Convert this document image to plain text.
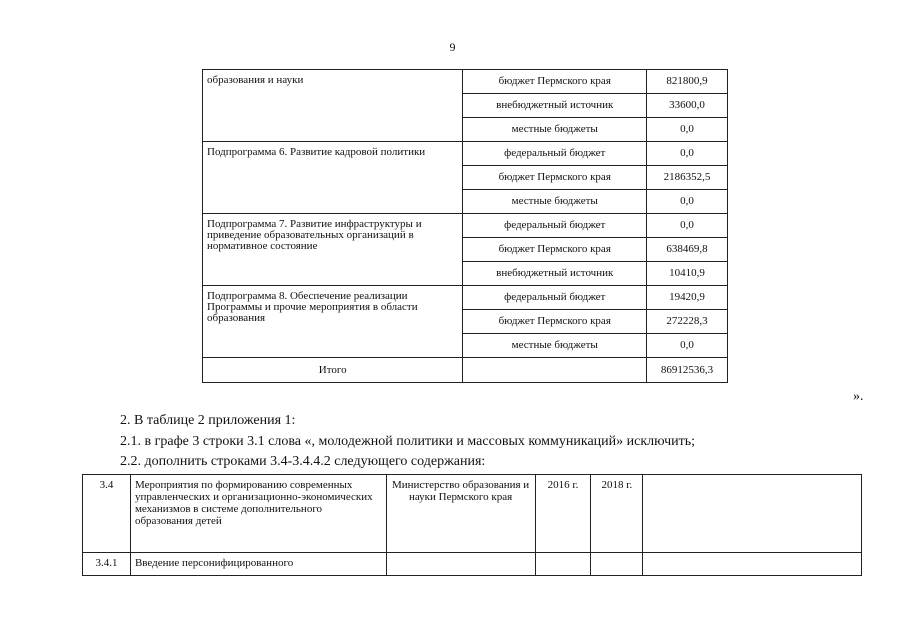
9
образования и науки	бюджет Пермского края	821800,9
	внебюджетный источник	33600,0
	местные бюджеты	0,0
Подпрограмма 6. Развитие кадровой политики	федеральный бюджет	0,0
	бюджет Пермского края	2186352,5
	местные бюджеты	0,0
Подпрограмма 7. Развитие инфраструктуры и приведение образовательных организаций в нормативное состояние	федеральный бюджет	0,0
	бюджет Пермского края	638469,8
	внебюджетный источник	10410,9
Подпрограмма 8. Обеспечение реализации Программы и прочие мероприятия в области образования	федеральный бюджет	19420,9
	бюджет Пермского края	272228,3
	местные бюджеты	0,0
Итого		86912536,3
».
2. В таблице 2 приложения 1:
2.1. в графе 3 строки 3.1 слова «, молодежной политики и массовых коммуникаций» исключить;
2.2. дополнить строками 3.4-3.4.4.2 следующего содержания:
3.4	Мероприятия по формированию современных управленческих и организационно-экономических механизмов в системе дополнительного образования детей	Министерство образования и науки Пермского края	2016 г.	2018 г.	
3.4.1	Введение персонифицированного				
